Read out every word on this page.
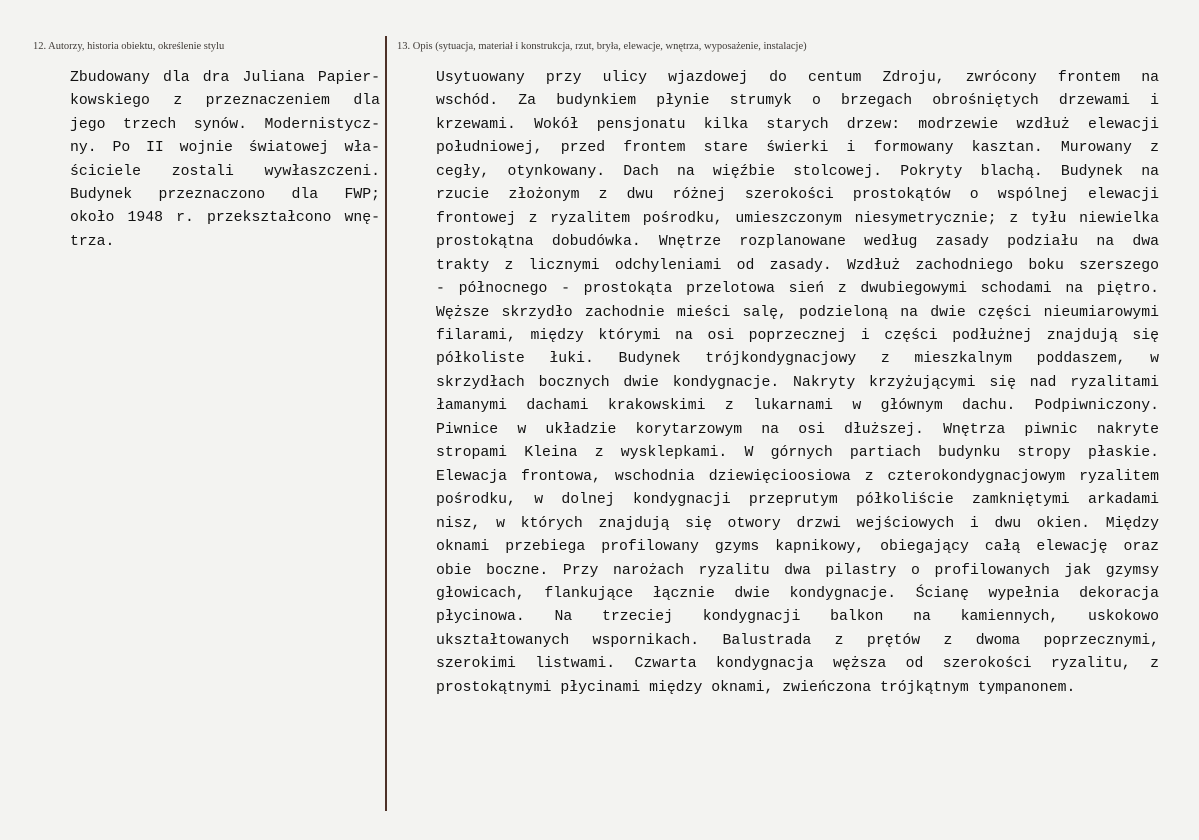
12. Autorzy, historia obiektu, określenie stylu	13. Opis (sytuacja, materiał i konstrukcja, rzut, bryła, elewacje, wnętrza, wyposażenie, instalacje)
Zbudowany dla dra Juliana Papier-
kowskiego z przeznaczeniem dla
jego trzech synów. Modernistycz-
ny. Po II wojnie światowej wła-
ściciele zostali wywłaszczeni.
Budynek przeznaczono dla FWP;
około 1948 r. przekształcono wnę-
trza.
Usytuowany przy ulicy wjazdowej do centum Zdroju, zwrócony frontem na
wschód. Za budynkiem płynie strumyk o brzegach obrośniętych drzewami i
krzewami. Wokół pensjonatu kilka starych drzew: modrzewie wzdłuż elewacji
południowej, przed frontem stare świerki i formowany kasztan. Murowany z
cegły, otynkowany. Dach na więźbie stolcowej. Pokryty blachą. Budynek na
rzucie złożonym z dwu różnej szerokości prostokątów o wspólnej elewacji
frontowej z ryzalitem pośrodku, umieszczonym niesymetrycznie; z tyłu niewielka
prostokątna dobudówka. Wnętrze rozplanowane według zasady podziału na dwa
trakty z licznymi odchyleniami od zasady. Wzdłuż zachodniego boku szerszego
- północnego - prostokąta przelotowa sień z dwubiegowymi schodami na piętro.
Węższe skrzydło zachodnie mieści salę, podzieloną na dwie części nieumiarowymi
filarami, między którymi na osi poprzecznej i części podłużnej znajdują się
półkoliste łuki. Budynek trójkondygnacjowy z mieszkalnym poddaszem, w
skrzydłach bocznych dwie kondygnacje. Nakryty krzyżującymi się nad ryzalitami
łamanymi dachami krakowskimi z lukarnami w głównym dachu. Podpiwniczony.
Piwnice w układzie korytarzowym na osi dłuższej. Wnętrza piwnic nakryte
stropami Kleina z wysklepkami. W górnych partiach budynku stropy płaskie.
Elewacja frontowa, wschodnia dziewięcioosiowa z czterokondygnacjowym ryzalitem
pośrodku, w dolnej kondygnacji przeprutym półkoliście zamkniętymi arkadami
nisz, w których znajdują się otwory drzwi wejściowych i dwu okien. Między
oknami przebiega profilowany gzyms kapnikowy, obiegający całą elewację oraz
obie boczne. Przy narożach ryzalitu dwa pilastry o profilowanych jak gzymsy
głowicach, flankujące łącznie dwie kondygnacje. Ścianę wypełnia dekoracja
płycinowa. Na trzeciej kondygnacji balkon na kamiennych, uskokowo
ukształtowanych wspornikach. Balustrada z prętów z dwoma poprzecznymi,
szerokimi listwami. Czwarta kondygnacja węższa od szerokości ryzalitu, z
prostokątnymi płycinami między oknami, zwieńczona trójkątnym tympanonem.
